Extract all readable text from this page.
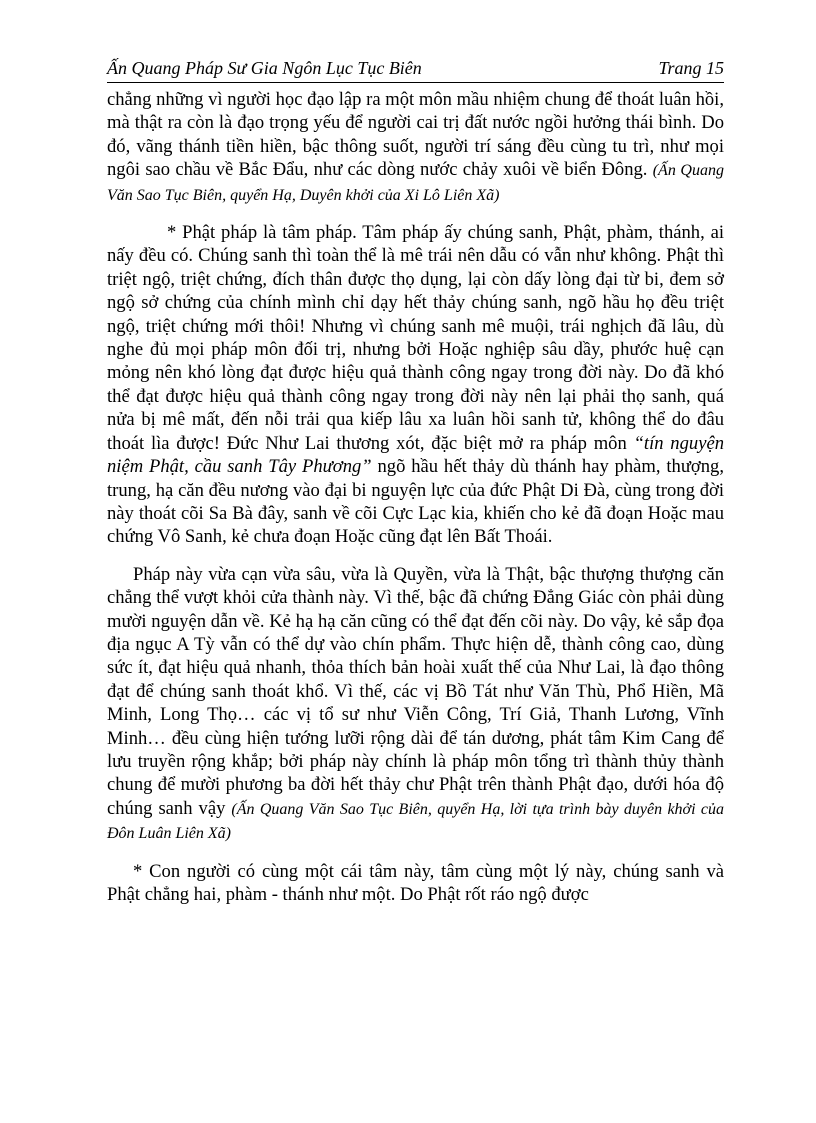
Ấn Quang Pháp Sư Gia Ngôn Lục Tục Biên	Trang 15

chẳng những vì người học đạo lập ra một môn mầu nhiệm chung để thoát luân hồi, mà thật ra còn là đạo trọng yếu để người cai trị đất nước ngồi hưởng thái bình. Do đó, vãng thánh tiền hiền, bậc thông suốt, người trí sáng đều cùng tu trì, như mọi ngôi sao chầu về Bắc Đẩu, như các dòng nước chảy xuôi về biển Đông. (Ấn Quang Văn Sao Tục Biên, quyển Hạ, Duyên khởi của Xi Lô Liên Xã)

* Phật pháp là tâm pháp. Tâm pháp ấy chúng sanh, Phật, phàm, thánh, ai nấy đều có. Chúng sanh thì toàn thể là mê trái nên dẫu có vẫn như không. Phật thì triệt ngộ, triệt chứng, đích thân được thọ dụng, lại còn dấy lòng đại từ bi, đem sở ngộ sở chứng của chính mình chỉ dạy hết thảy chúng sanh, ngõ hầu họ đều triệt ngộ, triệt chứng mới thôi! Nhưng vì chúng sanh mê muội, trái nghịch đã lâu, dù nghe đủ mọi pháp môn đối trị, nhưng bởi Hoặc nghiệp sâu dầy, phước huệ cạn mỏng nên khó lòng đạt được hiệu quả thành công ngay trong đời này. Do đã khó thể đạt được hiệu quả thành công ngay trong đời này nên lại phải thọ sanh, quá nửa bị mê mất, đến nỗi trải qua kiếp lâu xa luân hồi sanh tử, không thể do đâu thoát lìa được! Đức Như Lai thương xót, đặc biệt mở ra pháp môn “tín nguyện niệm Phật, cầu sanh Tây Phương” ngõ hầu hết thảy dù thánh hay phàm, thượng, trung, hạ căn đều nương vào đại bi nguyện lực của đức Phật Di Đà, cùng trong đời này thoát cõi Sa Bà đây, sanh về cõi Cực Lạc kia, khiến cho kẻ đã đoạn Hoặc mau chứng Vô Sanh, kẻ chưa đoạn Hoặc cũng đạt lên Bất Thoái.

Pháp này vừa cạn vừa sâu, vừa là Quyền, vừa là Thật, bậc thượng thượng căn chẳng thể vượt khỏi cửa thành này. Vì thế, bậc đã chứng Đẳng Giác còn phải dùng mười nguyện dẫn về. Kẻ hạ hạ căn cũng có thể đạt đến cõi này. Do vậy, kẻ sắp đọa địa ngục A Tỳ vẫn có thể dự vào chín phẩm. Thực hiện dễ, thành công cao, dùng sức ít, đạt hiệu quả nhanh, thỏa thích bản hoài xuất thế của Như Lai, là đạo thông đạt để chúng sanh thoát khổ. Vì thế, các vị Bồ Tát như Văn Thù, Phổ Hiền, Mã Minh, Long Thọ… các vị tổ sư như Viễn Công, Trí Giả, Thanh Lương, Vĩnh Minh… đều cùng hiện tướng lưỡi rộng dài để tán dương, phát tâm Kim Cang để lưu truyền rộng khắp; bởi pháp này chính là pháp môn tổng trì thành thủy thành chung để mười phương ba đời hết thảy chư Phật trên thành Phật đạo, dưới hóa độ chúng sanh vậy (Ấn Quang Văn Sao Tục Biên, quyển Hạ, lời tựa trình bày duyên khởi của Đôn Luân Liên Xã)

* Con người có cùng một cái tâm này, tâm cùng một lý này, chúng sanh và Phật chẳng hai, phàm - thánh như một. Do Phật rốt ráo ngộ được
